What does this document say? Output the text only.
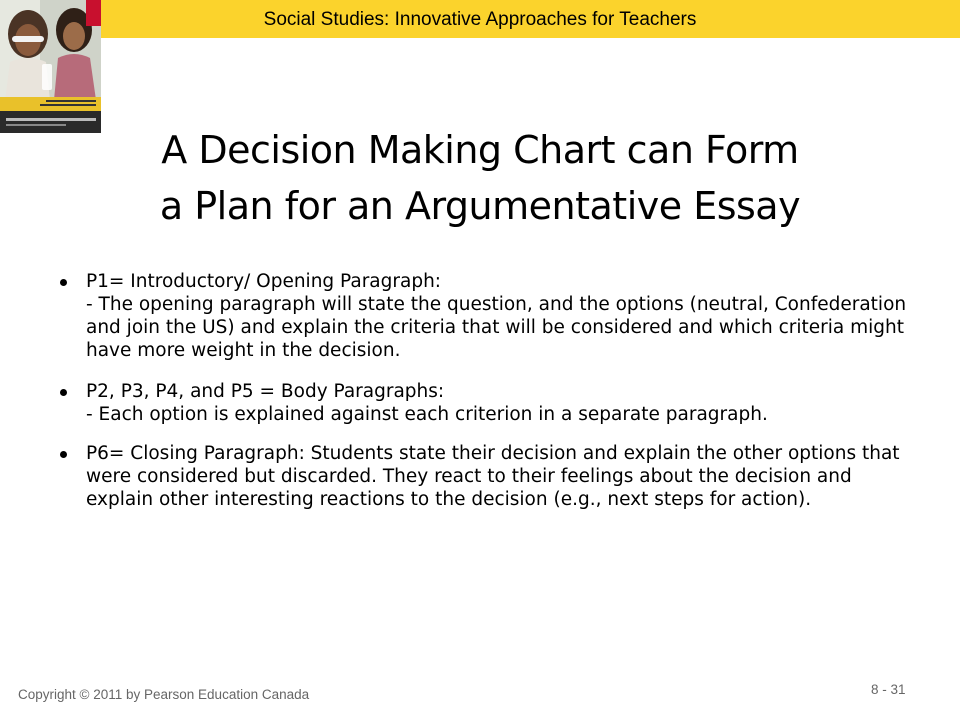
Social Studies: Innovative Approaches for Teachers
A Decision Making Chart can Form
a Plan for an Argumentative Essay
P1= Introductory/ Opening Paragraph:
- The opening paragraph will state the question, and the options (neutral, Confederation and join the US) and explain the criteria that will be considered and which criteria might have more weight in the decision.
P2, P3, P4, and P5 = Body Paragraphs:
- Each option is explained against each criterion in a separate paragraph.
P6= Closing Paragraph: Students state their decision and explain the other options that were considered but discarded. They react to their feelings about the decision and explain other interesting reactions to the decision (e.g., next steps for action).
Copyright © 2011 by Pearson Education Canada	8 - 31
